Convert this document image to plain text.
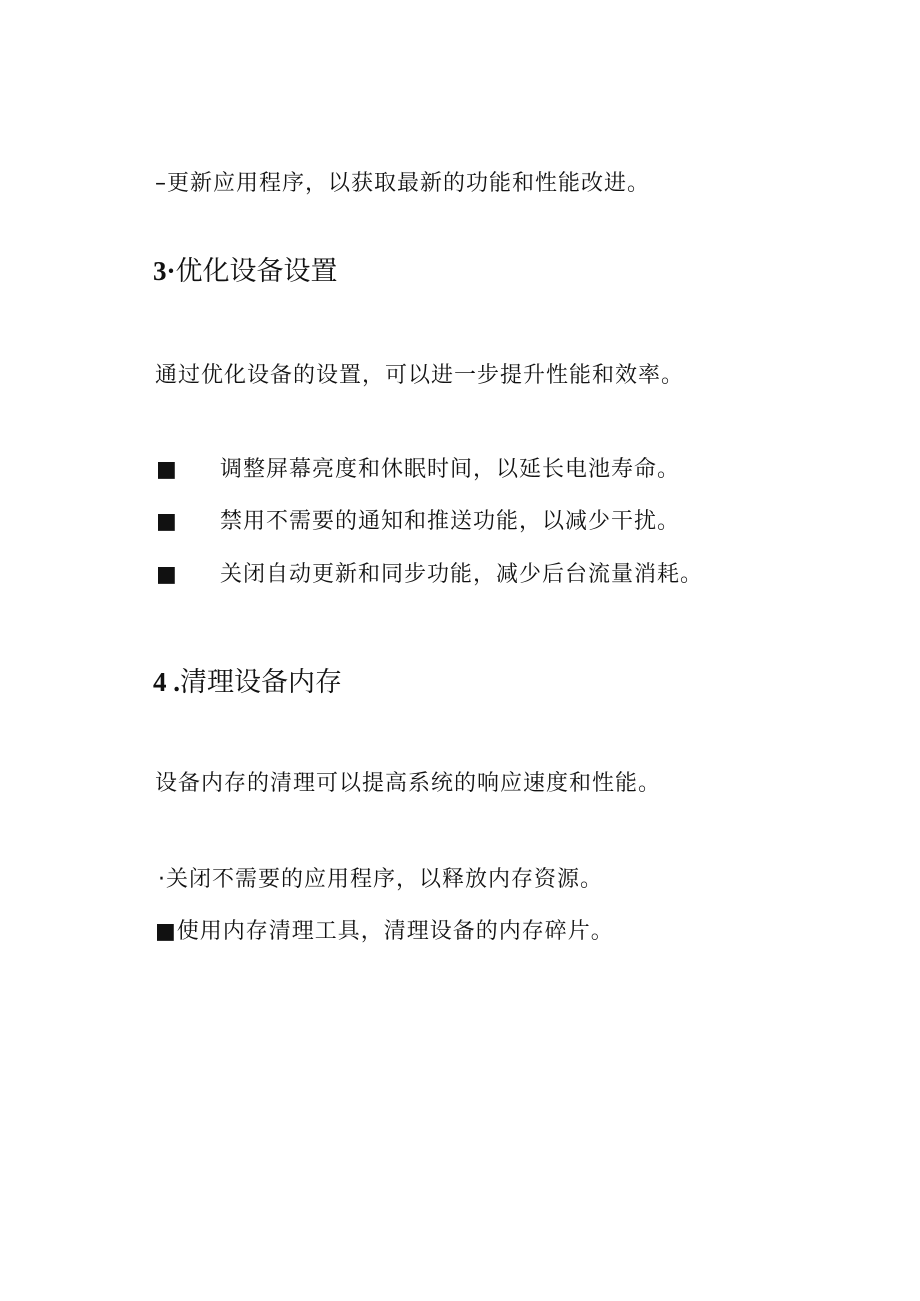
–更新应用程序，以获取最新的功能和性能改进。
3·优化设备设置
通过优化设备的设置，可以进一步提升性能和效率。
■ 调整屏幕亮度和休眠时间，以延长电池寿命。
■ 禁用不需要的通知和推送功能，以减少干扰。
■ 关闭自动更新和同步功能，减少后台流量消耗。
4 .清理设备内存
设备内存的清理可以提高系统的响应速度和性能。
·关闭不需要的应用程序，以释放内存资源。
■使用内存清理工具，清理设备的内存碎片。
